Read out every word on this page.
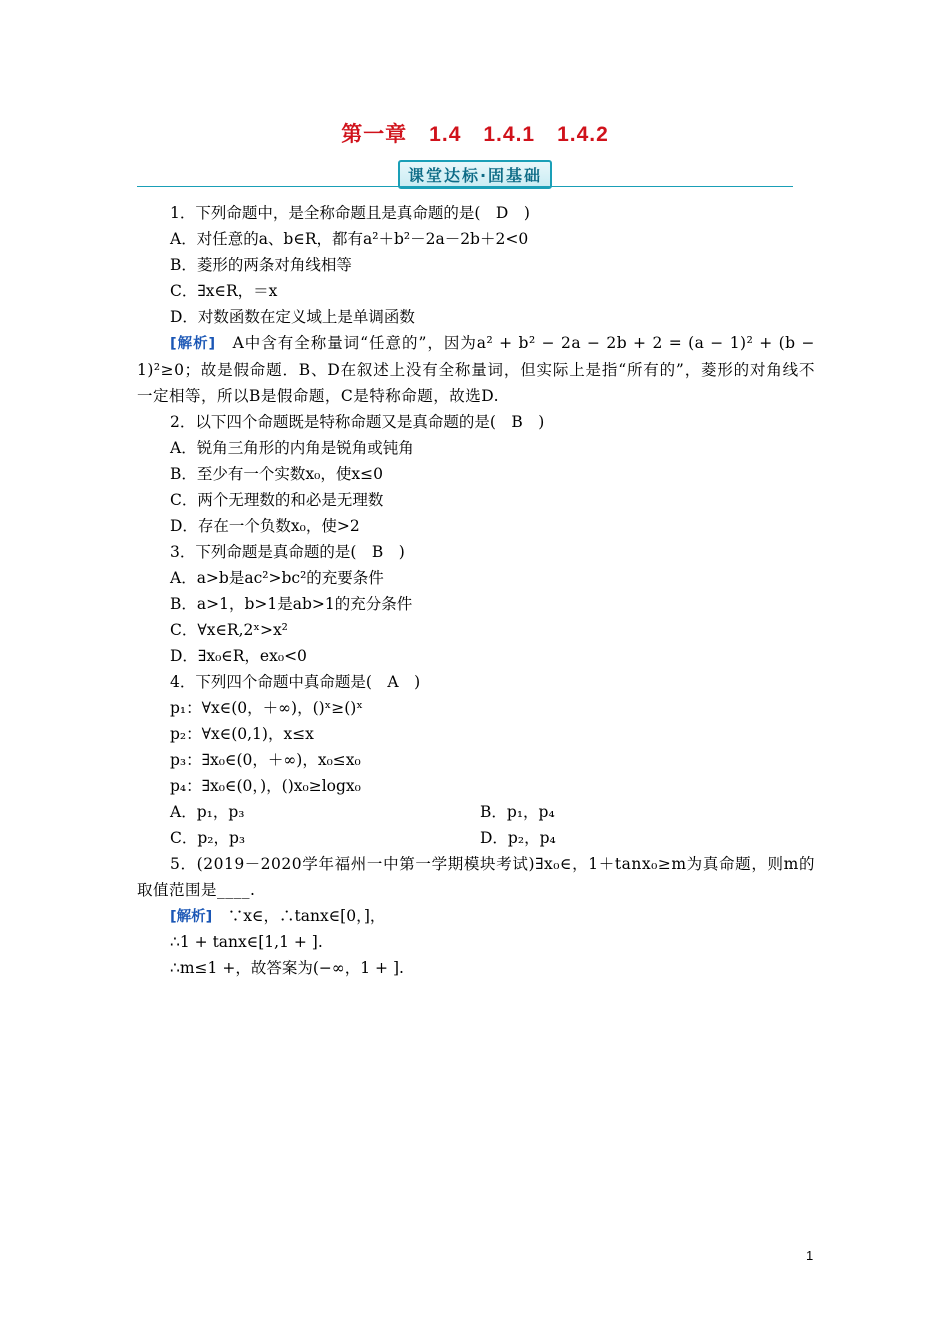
第一章　1.4　1.4.1　1.4.2
课堂达标·固基础
1．下列命题中，是全称命题且是真命题的是(　D　)
A．对任意的a、b∈R，都有a²＋b²－2a－2b＋2<0
B．菱形的两条对角线相等
C．∃x∈R，＝x
D．对数函数在定义域上是单调函数
[解析]　 A中含有全称量词“任意的”，因为a² + b² − 2a − 2b + 2 = (a − 1)² + (b − 1)²≥0；故是假命题．B、D在叙述上没有全称量词，但实际上是指“所有的”，菱形的对角线不一定相等，所以B是假命题，C是特称命题，故选D.
2．以下四个命题既是特称命题又是真命题的是(　B　)
A．锐角三角形的内角是锐角或钝角
B．至少有一个实数x₀，使x≤0
C．两个无理数的和必是无理数
D．存在一个负数x₀，使>2
3．下列命题是真命题的是(　B　)
A．a>b是ac²>bc²的充要条件
B．a>1，b>1是ab>1的充分条件
C．∀x∈R,2ˣ>x²
D．∃x₀∈R，ex₀<0
4．下列四个命题中真命题是(　A　)
p₁：∀x∈(0，＋∞)，()ˣ≥()ˣ
p₂：∀x∈(0,1)，x≤x
p₃：∃x₀∈(0，＋∞)，x₀≤x₀
p₄：∃x₀∈(0，)，()x₀≥logx₀
A．p₁，p₃	B．p₁，p₄
C．p₂，p₃	D．p₂，p₄
5．(2019－2020学年福州一中第一学期模块考试)∃x₀∈，1＋tanx₀≥m为真命题，则m的取值范围是____.
[解析]　 ∵x∈，∴tanx∈[0，]，
∴1 + tanx∈[1,1 + ].
∴m≤1 +，故答案为(−∞，1 + ].
1
